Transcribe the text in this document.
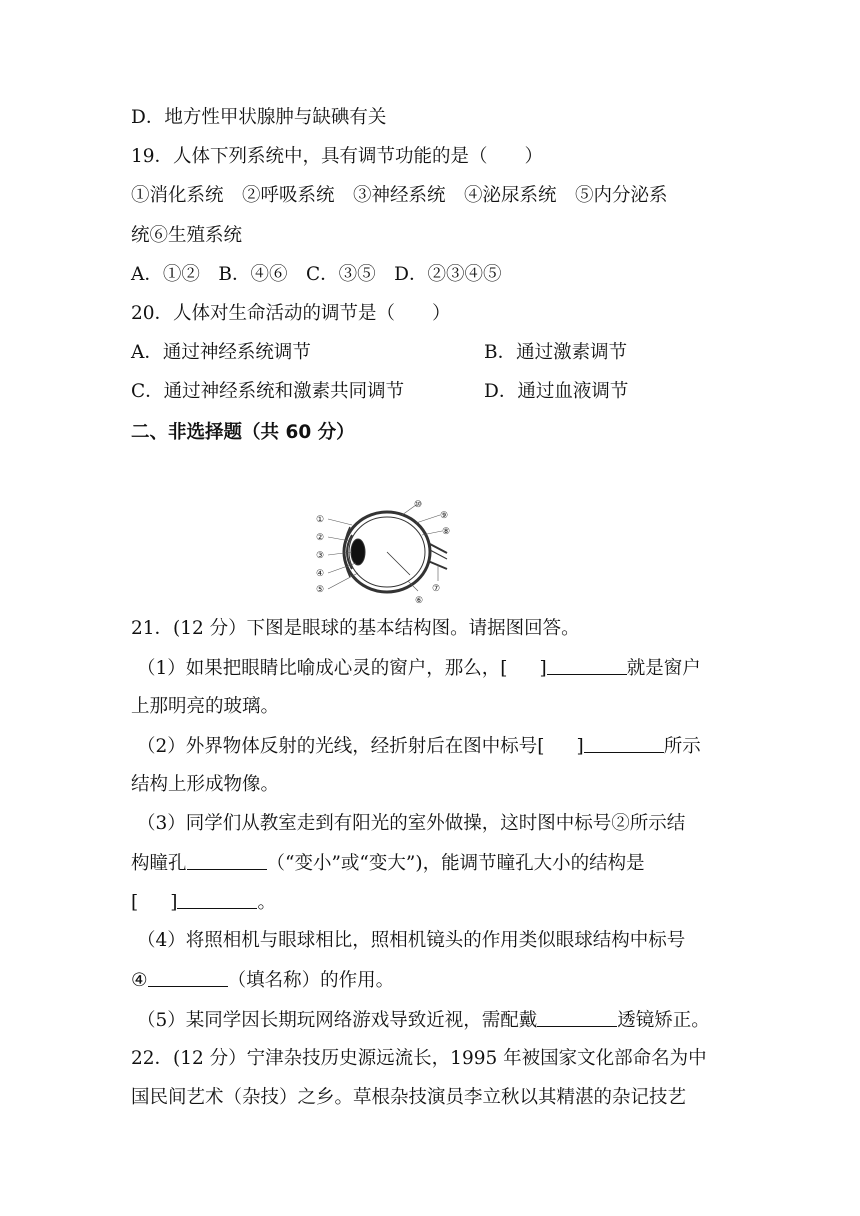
D．地方性甲状腺肿与缺碘有关
19．人体下列系统中，具有调节功能的是（　　）
①消化系统　②呼吸系统　③神经系统　④泌尿系统　⑤内分泌系
统⑥生殖系统
A．①②　B．④⑥　C．③⑤　D．②③④⑤
20．人体对生命活动的调节是（　　）
A．通过神经系统调节	B．通过激素调节
C．通过神经系统和激素共同调节	D．通过血液调节
二、非选择题（共 60 分）
①
②
③
④
⑤
⑥
⑦
⑧
⑨
⑩
21．(12 分）下图是眼球的基本结构图。请据图回答。
（1）如果把眼睛比喻成心灵的窗户，那么，[ ]	就是窗户
上那明亮的玻璃。
（2）外界物体反射的光线，经折射后在图中标号[ ]	所示
结构上形成物像。
（3）同学们从教室走到有阳光的室外做操，这时图中标号②所示结
构瞳孔	（“变小”或“变大”)，能调节瞳孔大小的结构是
[ ]	。
（4）将照相机与眼球相比，照相机镜头的作用类似眼球结构中标号
④	（填名称）的作用。
（5）某同学因长期玩网络游戏导致近视，需配戴	透镜矫正。
22．(12 分）宁津杂技历史源远流长，1995 年被国家文化部命名为中
国民间艺术（杂技）之乡。草根杂技演员李立秋以其精湛的杂记技艺
